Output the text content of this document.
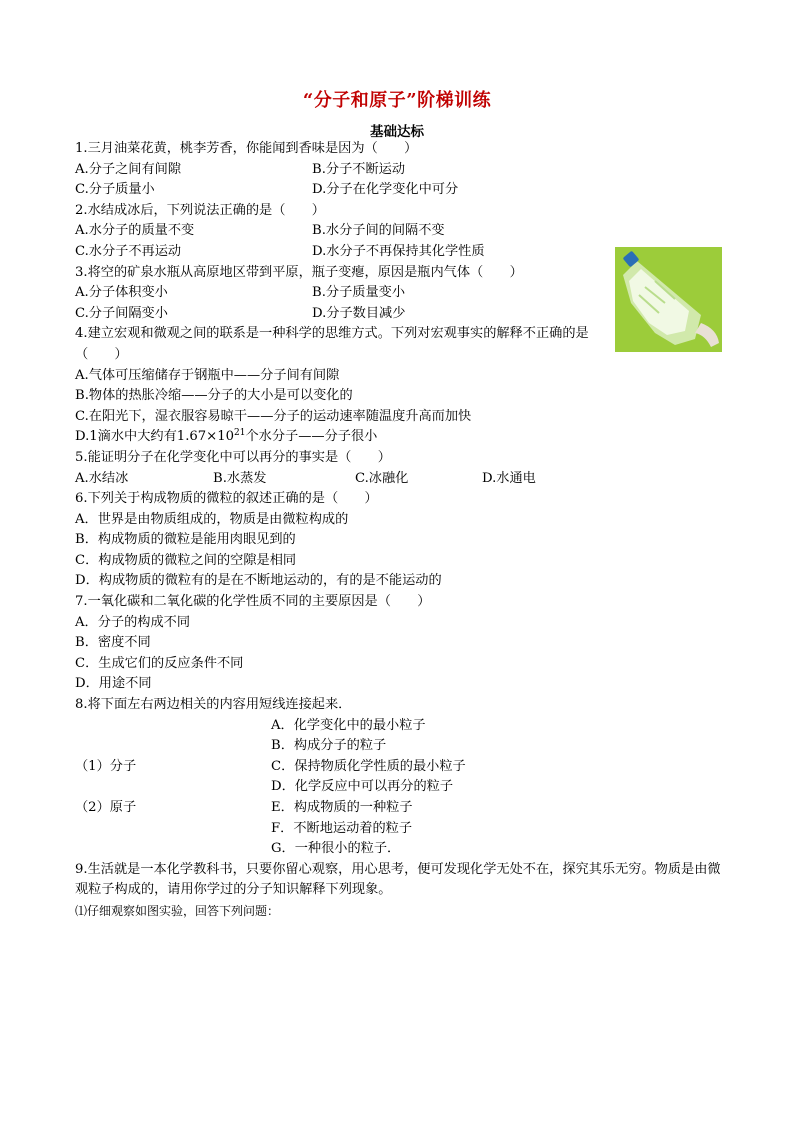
“分子和原子”阶梯训练
基础达标
1.三月油菜花黄，桃李芳香，你能闻到香味是因为（　　）
A.分子之间有间隙	B.分子不断运动
C.分子质量小	D.分子在化学变化中可分
2.水结成冰后，下列说法正确的是（　　）
A.水分子的质量不变	B.水分子间的间隔不变
C.水分子不再运动	D.水分子不再保持其化学性质
3.将空的矿泉水瓶从高原地区带到平原，瓶子变瘪，原因是瓶内气体（　　）
A.分子体积变小	B.分子质量变小
C.分子间隔变小	D.分子数目减少
4.建立宏观和微观之间的联系是一种科学的思维方式。下列对宏观事实的解释不正确的是（　　）
A.气体可压缩储存于钢瓶中——分子间有间隙
B.物体的热胀冷缩——分子的大小是可以变化的
C.在阳光下，湿衣服容易晾干——分子的运动速率随温度升高而加快
D.1滴水中大约有$1.67\times 10^{21}$个水分子——分子很小
5.能证明分子在化学变化中可以再分的事实是（　　）
A.水结冰	B.水蒸发	C.冰融化	D.水通电
6.下列关于构成物质的微粒的叙述正确的是（　　）
A．世界是由物质组成的，物质是由微粒构成的
B．构成物质的微粒是能用肉眼见到的
C．构成物质的微粒之间的空隙是相同
D．构成物质的微粒有的是在不断地运动的，有的是不能运动的
7.一氧化碳和二氧化碳的化学性质不同的主要原因是（　　）
A．分子的构成不同
B．密度不同
C．生成它们的反应条件不同
D．用途不同
8.将下面左右两边相关的内容用短线连接起来．
A．化学变化中的最小粒子
B．构成分子的粒子
（1）分子	C．保持物质化学性质的最小粒子
D．化学反应中可以再分的粒子
（2）原子	E．构成物质的一种粒子
F．不断地运动着的粒子
G．一种很小的粒子．
9.生活就是一本化学教科书，只要你留心观察，用心思考，便可发现化学无处不在，探究其乐无穷。物质是由微观粒子构成的，请用你学过的分子知识解释下列现象。
⑴仔细观察如图实验，回答下列问题：
